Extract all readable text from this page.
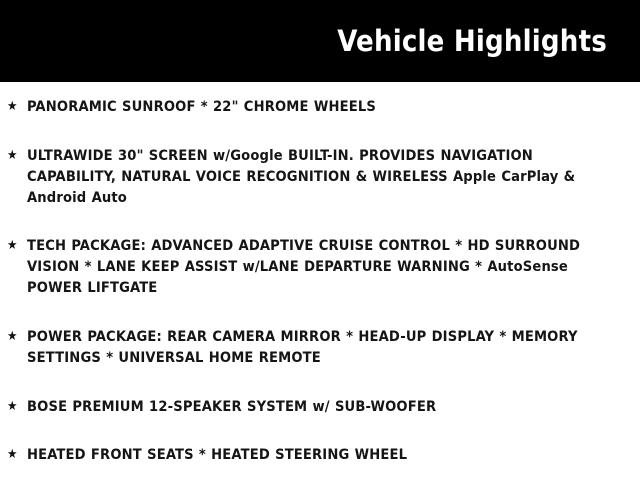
Vehicle Highlights
★ PANORAMIC SUNROOF * 22" CHROME WHEELS
★ ULTRAWIDE 30" SCREEN w/Google BUILT-IN. PROVIDES NAVIGATION CAPABILITY, NATURAL VOICE RECOGNITION & WIRELESS Apple CarPlay & Android Auto
★ TECH PACKAGE: ADVANCED ADAPTIVE CRUISE CONTROL * HD SURROUND VISION * LANE KEEP ASSIST w/LANE DEPARTURE WARNING * AutoSense POWER LIFTGATE
★ POWER PACKAGE: REAR CAMERA MIRROR * HEAD-UP DISPLAY * MEMORY SETTINGS * UNIVERSAL HOME REMOTE
★ BOSE PREMIUM 12-SPEAKER SYSTEM w/ SUB-WOOFER
★ HEATED FRONT SEATS * HEATED STEERING WHEEL
